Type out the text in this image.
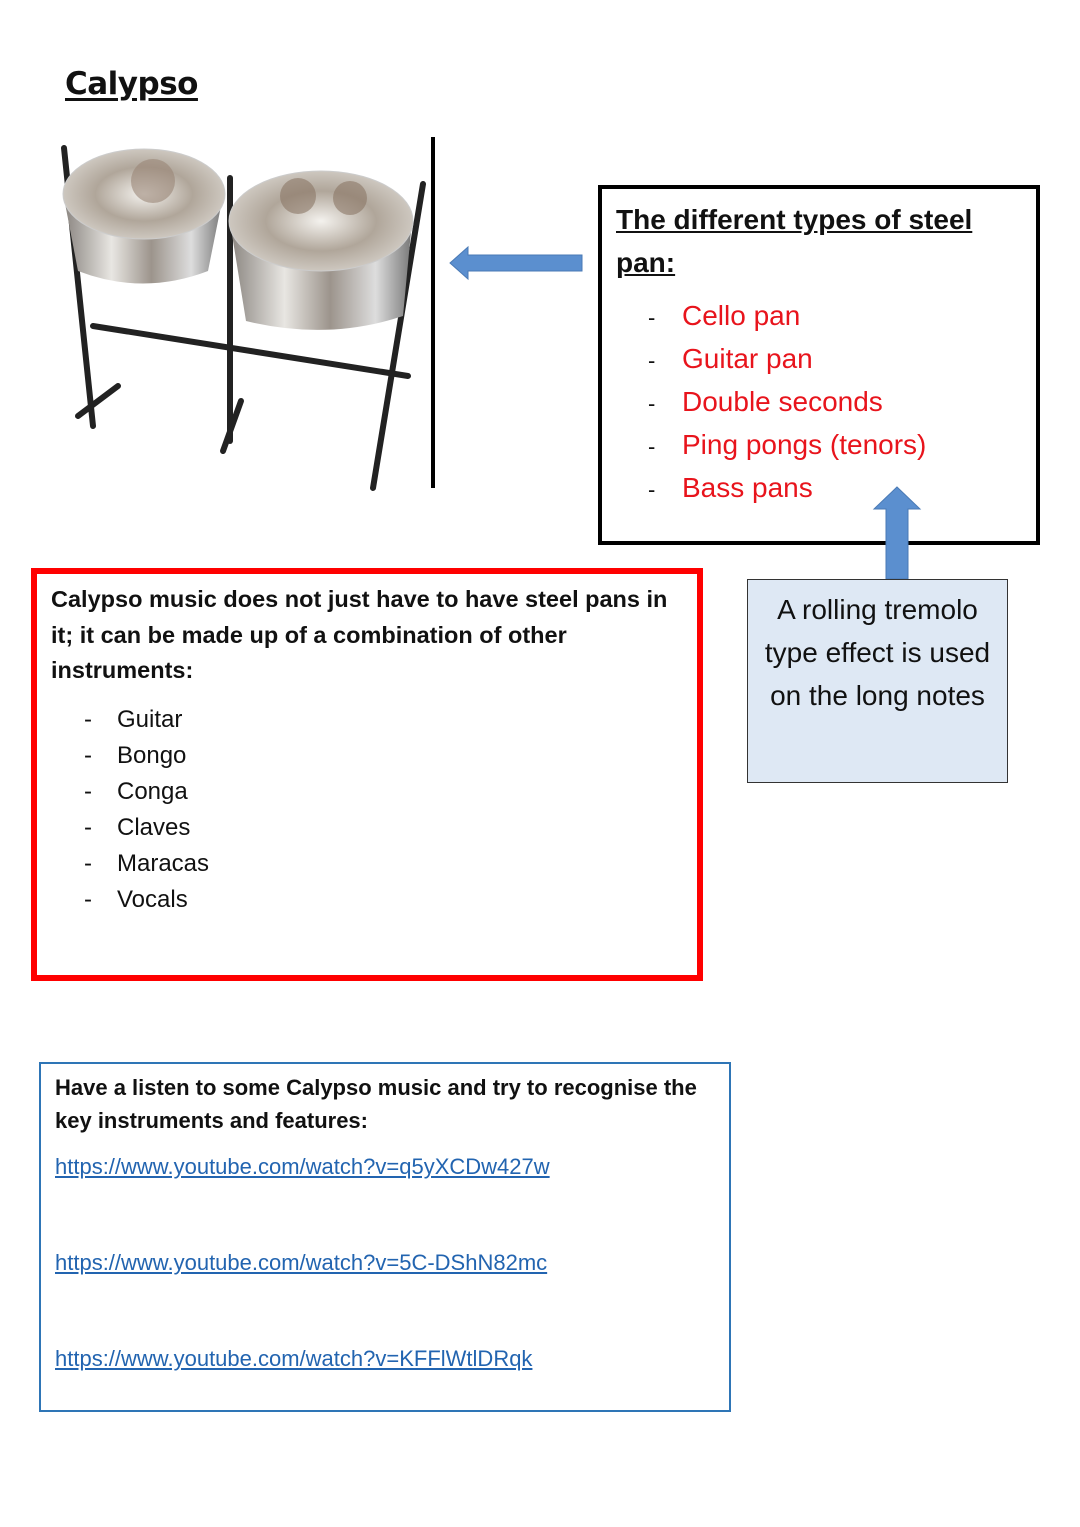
Calypso
The different types of steel pan:
- Cello pan
- Guitar pan
- Double seconds
- Ping pongs (tenors)
- Bass pans
A rolling tremolo type effect is used on the long notes
Calypso music does not just have to have steel pans in it; it can be made up of a combination of other instruments:
- Guitar
- Bongo
- Conga
- Claves
- Maracas
- Vocals
Have a listen to some Calypso music and try to recognise the key instruments and features:
https://www.youtube.com/watch?v=q5yXCDw427w
https://www.youtube.com/watch?v=5C-DShN82mc
https://www.youtube.com/watch?v=KFFlWtlDRqk
